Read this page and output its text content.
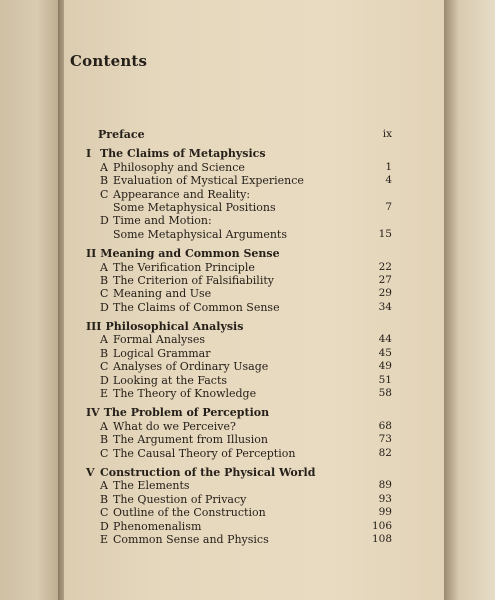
Contents
Preface	ix
I The Claims of Metaphysics
A Philosophy and Science	1
B Evaluation of Mystical Experience	4
C Appearance and Reality:
Some Metaphysical Positions	7
D Time and Motion:
Some Metaphysical Arguments	15
II Meaning and Common Sense
A The Verification Principle	22
B The Criterion of Falsifiability	27
C Meaning and Use	29
D The Claims of Common Sense	34
III Philosophical Analysis
A Formal Analyses	44
B Logical Grammar	45
C Analyses of Ordinary Usage	49
D Looking at the Facts	51
E The Theory of Knowledge	58
IV The Problem of Perception
A What do we Perceive?	68
B The Argument from Illusion	73
C The Causal Theory of Perception	82
V Construction of the Physical World
A The Elements	89
B The Question of Privacy	93
C Outline of the Construction	99
D Phenomenalism	106
E Common Sense and Physics	108
